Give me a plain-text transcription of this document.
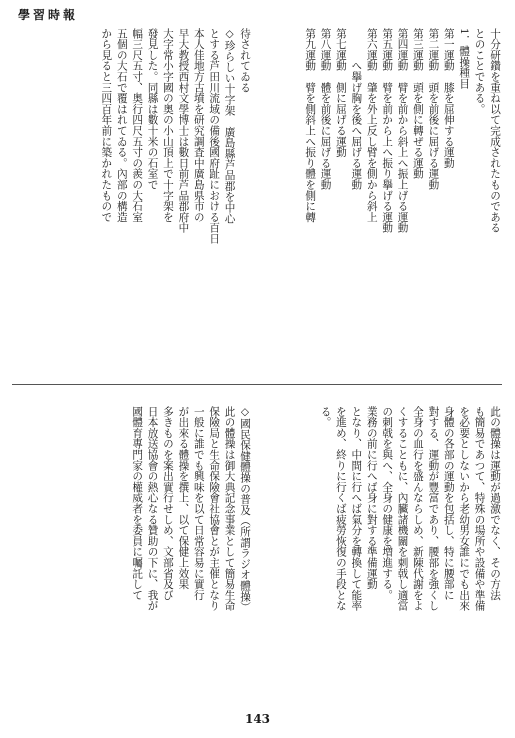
學習時報
十分研鑽を重ね以て完成されたものである
とのことである。
1．體操種目
第一運動　膝を屈伸する運動
第二運動　頭を前後に屈げる運動
第三運動　頭を側に轉ぜる運動
第四運動　臂を前から斜上へ振上げる運動
第五運動　臂を前から上へ振り擧げる運動
第六運動　肇を外上反し臂を側から斜上
　　　へ擧げ胸を後へ屈げる運動
第七運動　側に屈げる運動
第八運動　體を前後に屈げる運動
第九運動　臂を側斜上へ振り體を側に轉
待されてゐる
◇珍らしい十字架　廣島縣芦品郡を中心
とする芦田川流域の備後國府趾における百日
本人佳地方古墳を研究調査中廣島県市の
早大教授西村文學博士は數日前芦品郡府中
大字常小字國の奥の小山頂上で十字架を
發見した。同縣は數十米の石室で
幅三尺五寸、奥行四尺五寸の羨の大石室
五個の大石で覆はれてゐる。內部の構造
から見ると三四百年前に築かれたもので
此の體操は運動が過激でなく、その方法
も簡易であつて、特殊の場所や設備や準備
を必要としないから老幼男女誰にでも出來
身體の各部の運動を包括し、特に腰部に
對する、運動が豐富であり、腰部を強くし
全身の血行を盛んならしめ、新陳代謝をよ
くすることもに、內臟諸機關を刺戟し適當
の刺戟を與へ、全身の健康を増進する。
業務の前に行へば身に對する準備運動
となり、中間に行へば氣分を轉換して能率
を進め、終りに行くば疲勞恢復の手段とな
る。
◇國民保健體操の普及（所謂ラジオ體操）
此の體操は御大典記念事業として簡易生命
保險局と生命保險會社協會とが主催となり
一般に誰でも興味を以て日常容易に實行
が出來る體操を撰上、以て保健上效果
多きものを案出實行せしめ、文部省及び
日本放送協會の熱心なる贊助の下に、我が
國體育專門家の權威者を委員に囑託して
143
